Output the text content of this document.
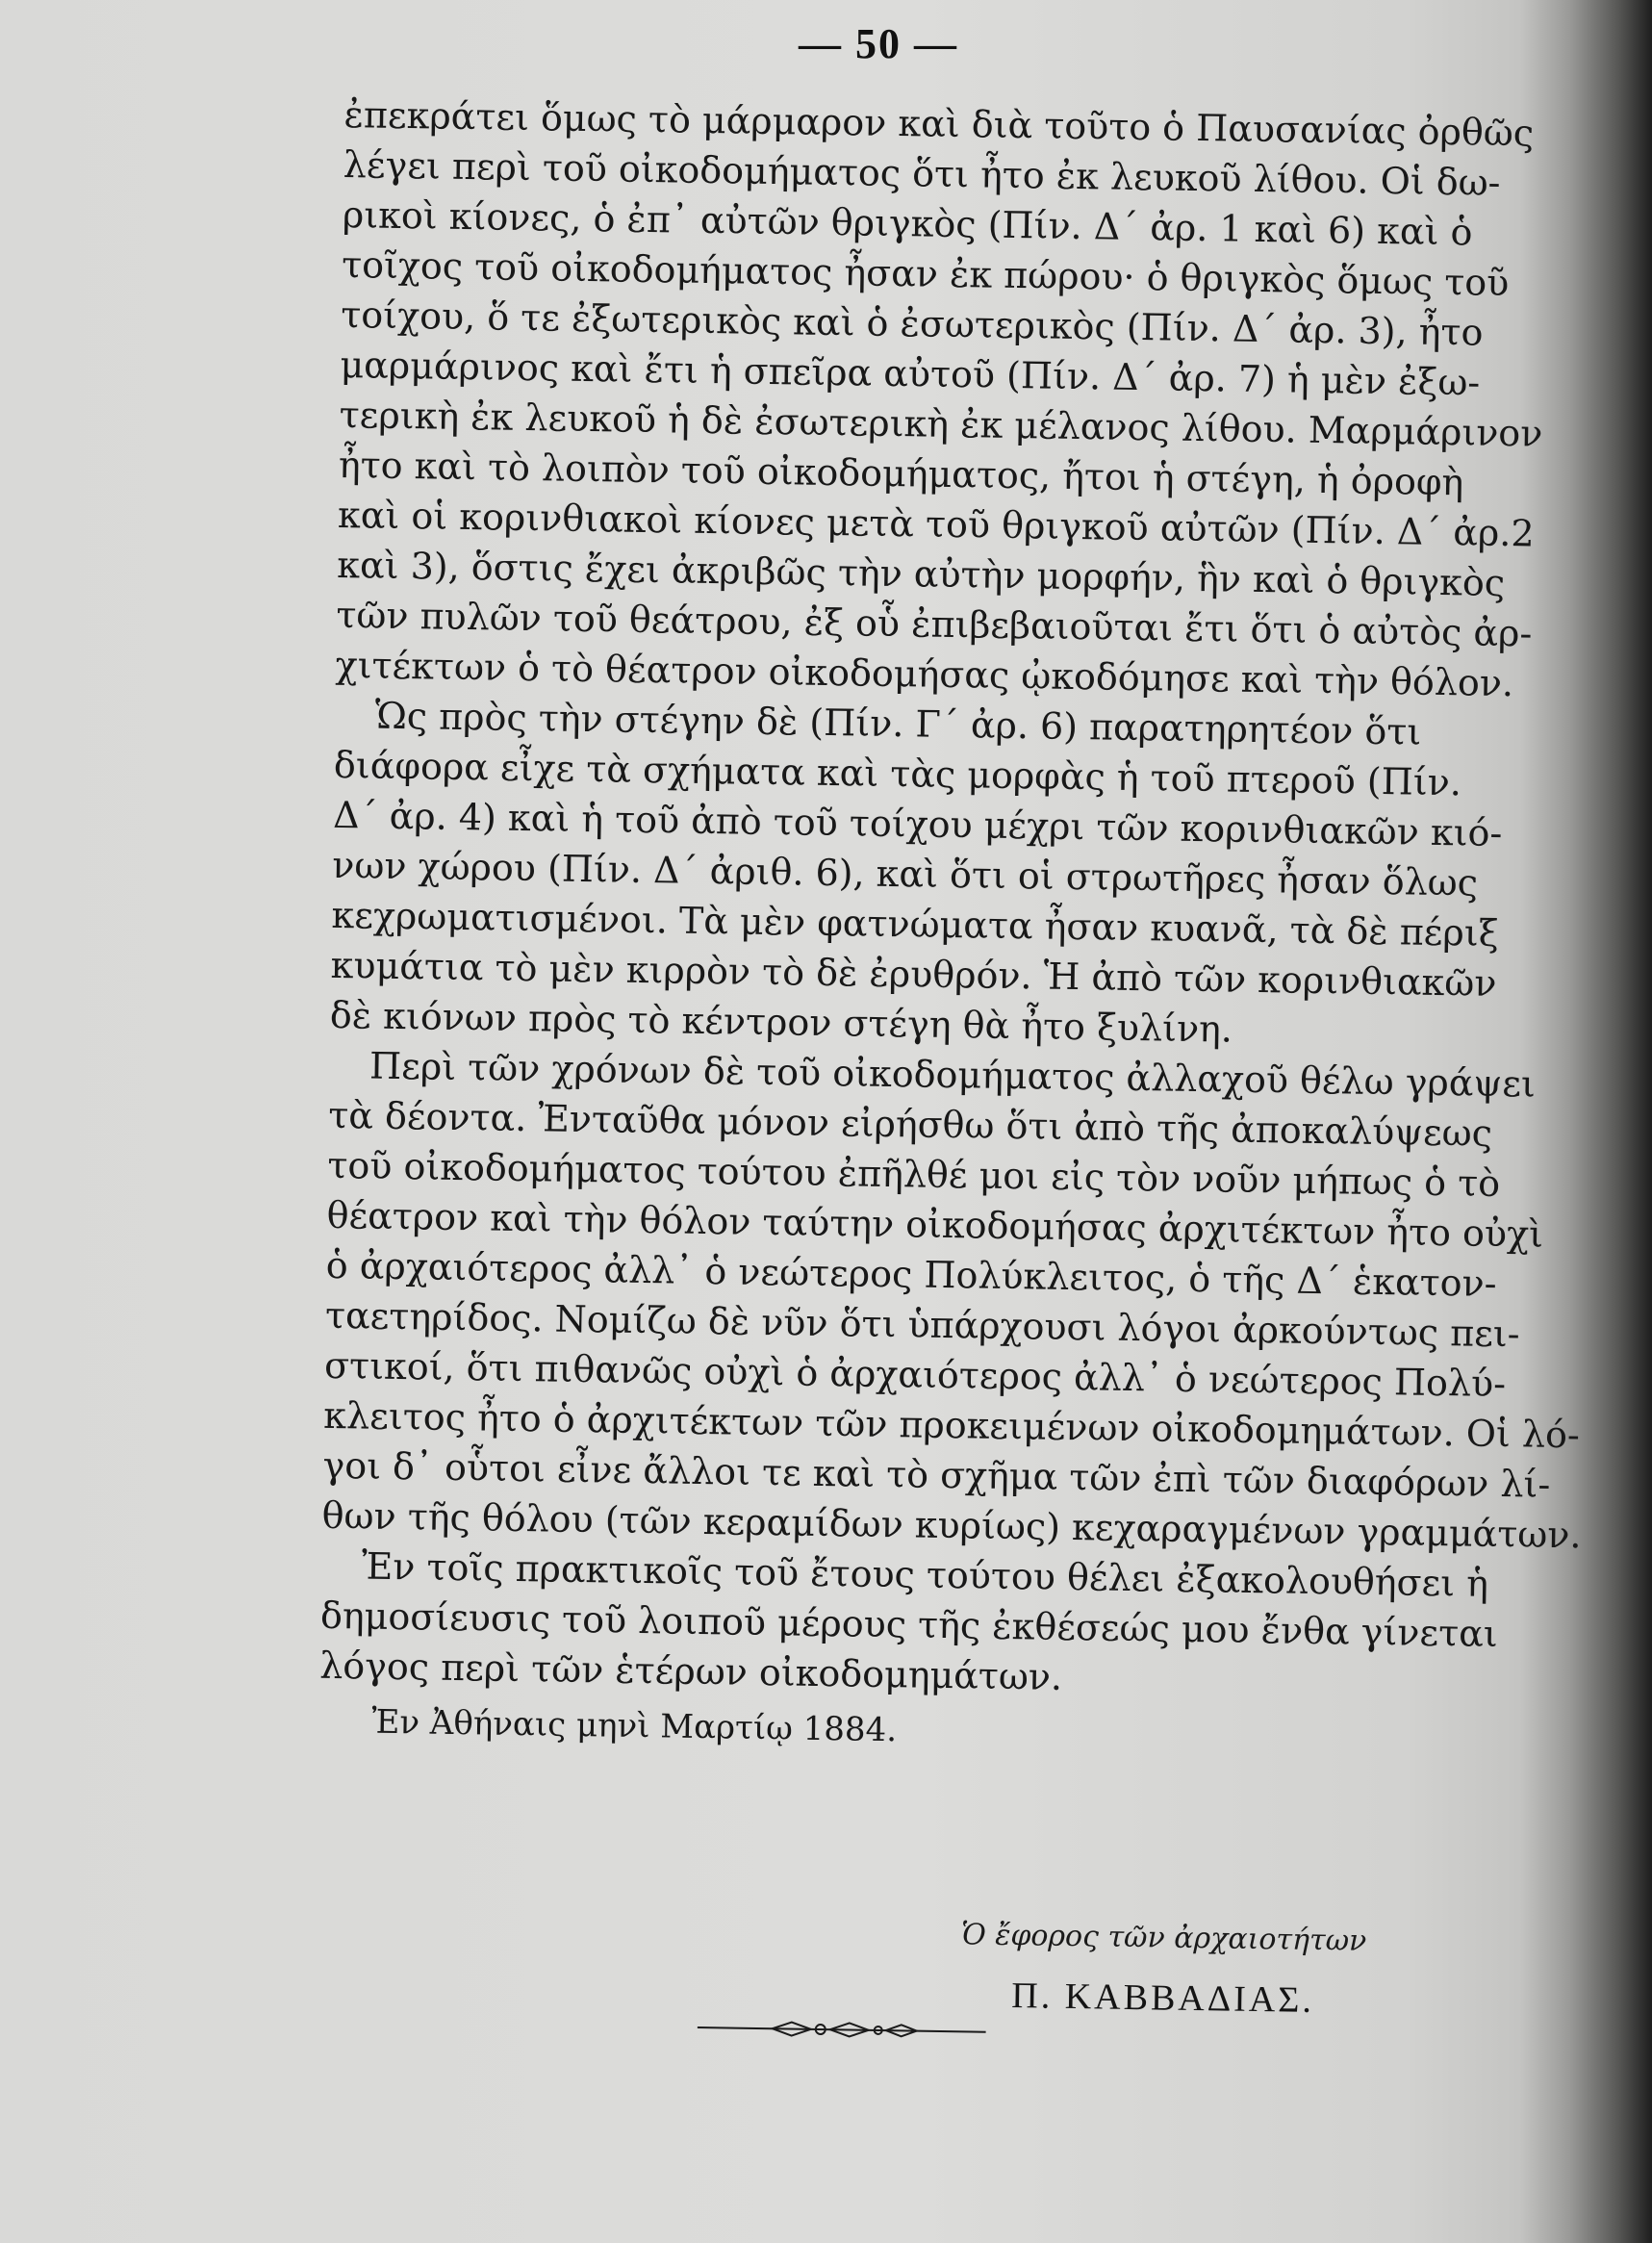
— 50 —
ἐπεκράτει ὅμως τὸ μάρμαρον καὶ διὰ τοῦτο ὁ Παυσανίας ὀρθῶς
λέγει περὶ τοῦ οἰκοδομήματος ὅτι ἦτο ἐκ λευκοῦ λίθου. Οἱ δω-
ρικοὶ κίονες, ὁ ἐπ᾿ αὐτῶν θριγκὸς (Πίν. Δ΄ ἀρ. 1 καὶ 6) καὶ ὁ
τοῖχος τοῦ οἰκοδομήματος ἦσαν ἐκ πώρου· ὁ θριγκὸς ὅμως τοῦ
τοίχου, ὅ τε ἐξωτερικὸς καὶ ὁ ἐσωτερικὸς (Πίν. Δ΄ ἀρ. 3), ἦτο
μαρμάρινος καὶ ἔτι ἡ σπεῖρα αὐτοῦ (Πίν. Δ΄ ἀρ. 7) ἡ μὲν ἐξω-
τερικὴ ἐκ λευκοῦ ἡ δὲ ἐσωτερικὴ ἐκ μέλανος λίθου. Μαρμάρινον
ἦτο καὶ τὸ λοιπὸν τοῦ οἰκοδομήματος, ἤτοι ἡ στέγη, ἡ ὀροφὴ
καὶ οἱ κορινθιακοὶ κίονες μετὰ τοῦ θριγκοῦ αὐτῶν (Πίν. Δ΄ ἀρ.2
καὶ 3), ὅστις ἔχει ἀκριβῶς τὴν αὐτὴν μορφήν, ἣν καὶ ὁ θριγκὸς
τῶν πυλῶν τοῦ θεάτρου, ἐξ οὗ ἐπιβεβαιοῦται ἔτι ὅτι ὁ αὐτὸς ἀρ-
χιτέκτων ὁ τὸ θέατρον οἰκοδομήσας ᾠκοδόμησε καὶ τὴν θόλον.
Ὡς πρὸς τὴν στέγην δὲ (Πίν. Γ΄ ἀρ. 6) παρατηρητέον ὅτι
διάφορα εἶχε τὰ σχήματα καὶ τὰς μορφὰς ἡ τοῦ πτεροῦ (Πίν.
Δ΄ ἀρ. 4) καὶ ἡ τοῦ ἀπὸ τοῦ τοίχου μέχρι τῶν κορινθιακῶν κιό-
νων χώρου (Πίν. Δ΄ ἀριθ. 6), καὶ ὅτι οἱ στρωτῆρες ἦσαν ὅλως
κεχρωματισμένοι. Τὰ μὲν φατνώματα ἦσαν κυανᾶ, τὰ δὲ πέριξ
κυμάτια τὸ μὲν κιρρὸν τὸ δὲ ἐρυθρόν. Ἡ ἀπὸ τῶν κορινθιακῶν
δὲ κιόνων πρὸς τὸ κέντρον στέγη θὰ ἦτο ξυλίνη.
Περὶ τῶν χρόνων δὲ τοῦ οἰκοδομήματος ἀλλαχοῦ θέλω γράψει
τὰ δέοντα. Ἐνταῦθα μόνον εἰρήσθω ὅτι ἀπὸ τῆς ἀποκαλύψεως
τοῦ οἰκοδομήματος τούτου ἐπῆλθέ μοι εἰς τὸν νοῦν μήπως ὁ τὸ
θέατρον καὶ τὴν θόλον ταύτην οἰκοδομήσας ἀρχιτέκτων ἦτο οὐχὶ
ὁ ἀρχαιότερος ἀλλ᾿ ὁ νεώτερος Πολύκλειτος, ὁ τῆς Δ΄ ἑκατον-
ταετηρίδος. Νομίζω δὲ νῦν ὅτι ὑπάρχουσι λόγοι ἀρκούντως πει-
στικοί, ὅτι πιθανῶς οὐχὶ ὁ ἀρχαιότερος ἀλλ᾿ ὁ νεώτερος Πολύ-
κλειτος ἦτο ὁ ἀρχιτέκτων τῶν προκειμένων οἰκοδομημάτων. Οἱ λό-
γοι δ᾿ οὗτοι εἶνε ἄλλοι τε καὶ τὸ σχῆμα τῶν ἐπὶ τῶν διαφόρων λί-
θων τῆς θόλου (τῶν κεραμίδων κυρίως) κεχαραγμένων γραμμάτων.
Ἐν τοῖς πρακτικοῖς τοῦ ἔτους τούτου θέλει ἐξακολουθήσει ἡ
δημοσίευσις τοῦ λοιποῦ μέρους τῆς ἐκθέσεώς μου ἔνθα γίνεται
λόγος περὶ τῶν ἑτέρων οἰκοδομημάτων.
Ἐν Ἀθήναις μηνὶ Μαρτίῳ 1884.
Ὁ ἔφορος τῶν ἀρχαιοτήτων
Π. ΚΑΒΒΑΔΙΑΣ.
